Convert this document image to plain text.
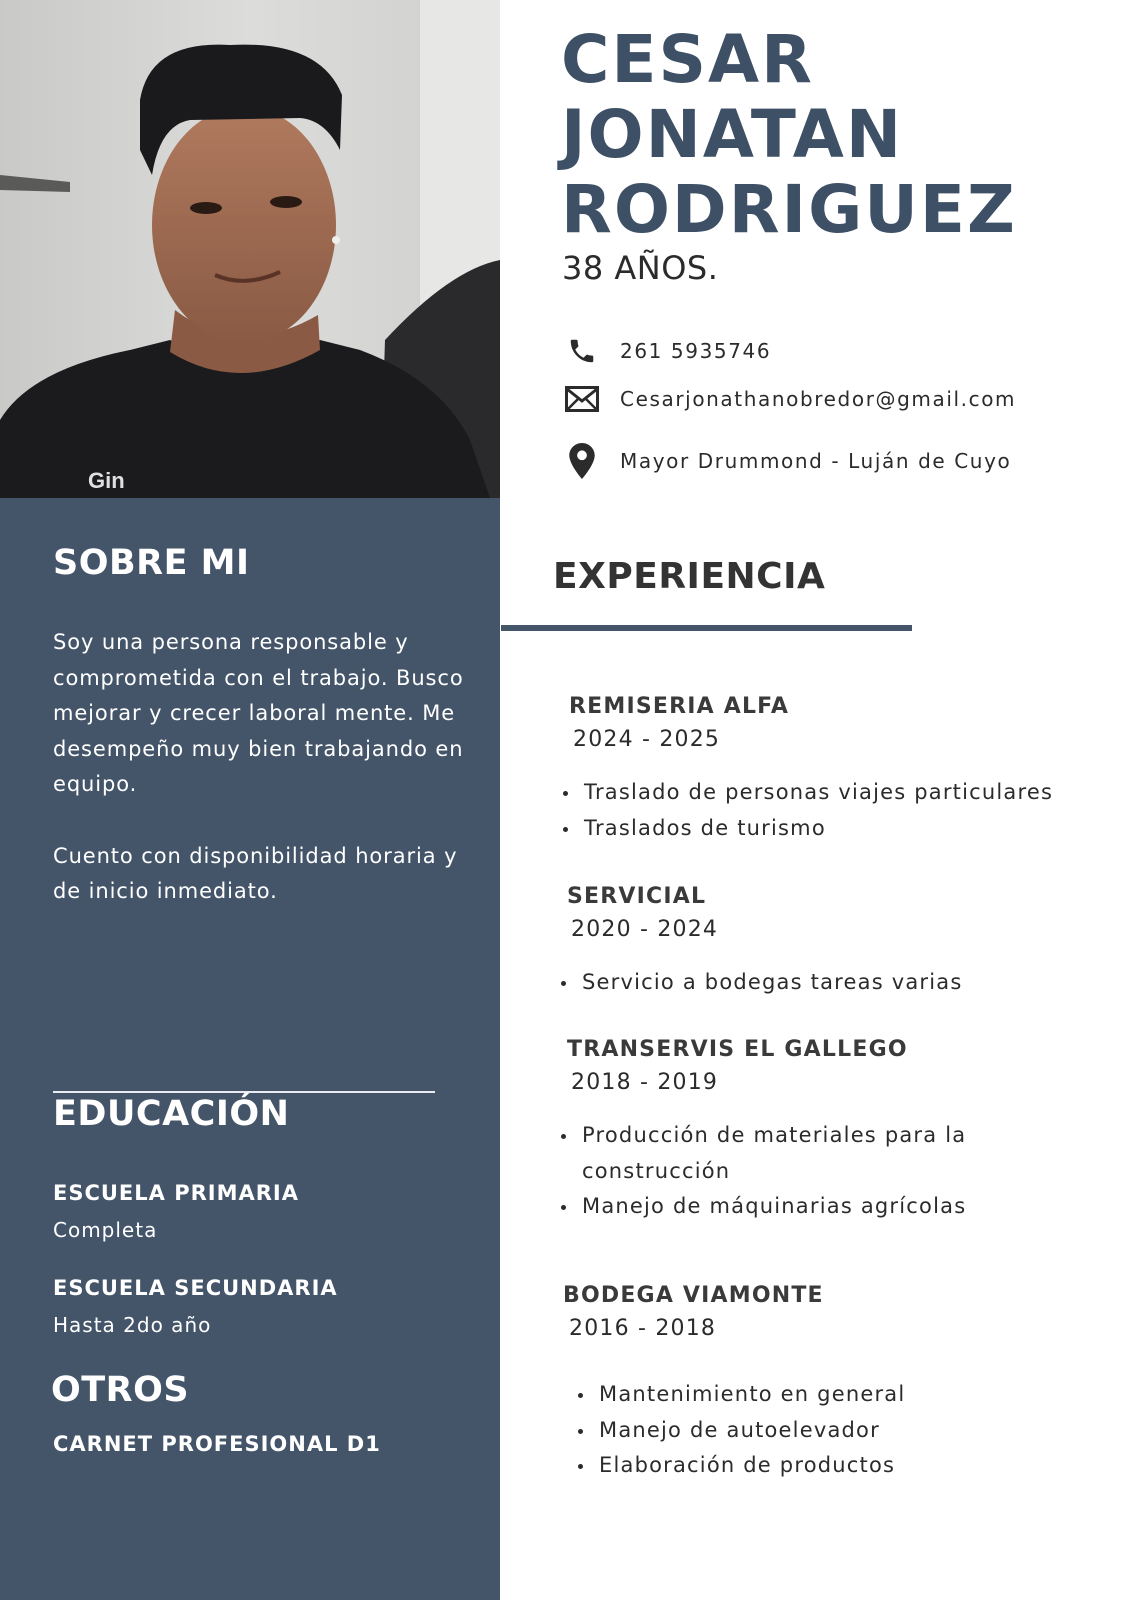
Gin
SOBRE MI

Soy una persona responsable y comprometida con el trabajo. Busco mejorar y crecer laboral mente. Me desempeño muy bien trabajando en equipo.

Cuento con disponibilidad horaria y de inicio inmediato.

EDUCACIÓN
ESCUELA PRIMARIA
Completa
ESCUELA SECUNDARIA
Hasta 2do año
OTROS
CARNET PROFESIONAL D1
CESAR
JONATAN
RODRIGUEZ
38 AÑOS.
261 5935746
Cesarjonathanobredor@gmail.com
Mayor Drummond - Luján de Cuyo
EXPERIENCIA
REMISERIA ALFA
2024 - 2025
Traslado de personas viajes particulares
Traslados de turismo
SERVICIAL
2020 - 2024
Servicio a bodegas tareas varias
TRANSERVIS EL GALLEGO
2018 - 2019
Producción de materiales para la construcción
Manejo de máquinarias agrícolas
BODEGA VIAMONTE
2016 - 2018
Mantenimiento en general
Manejo de autoelevador
Elaboración de productos
